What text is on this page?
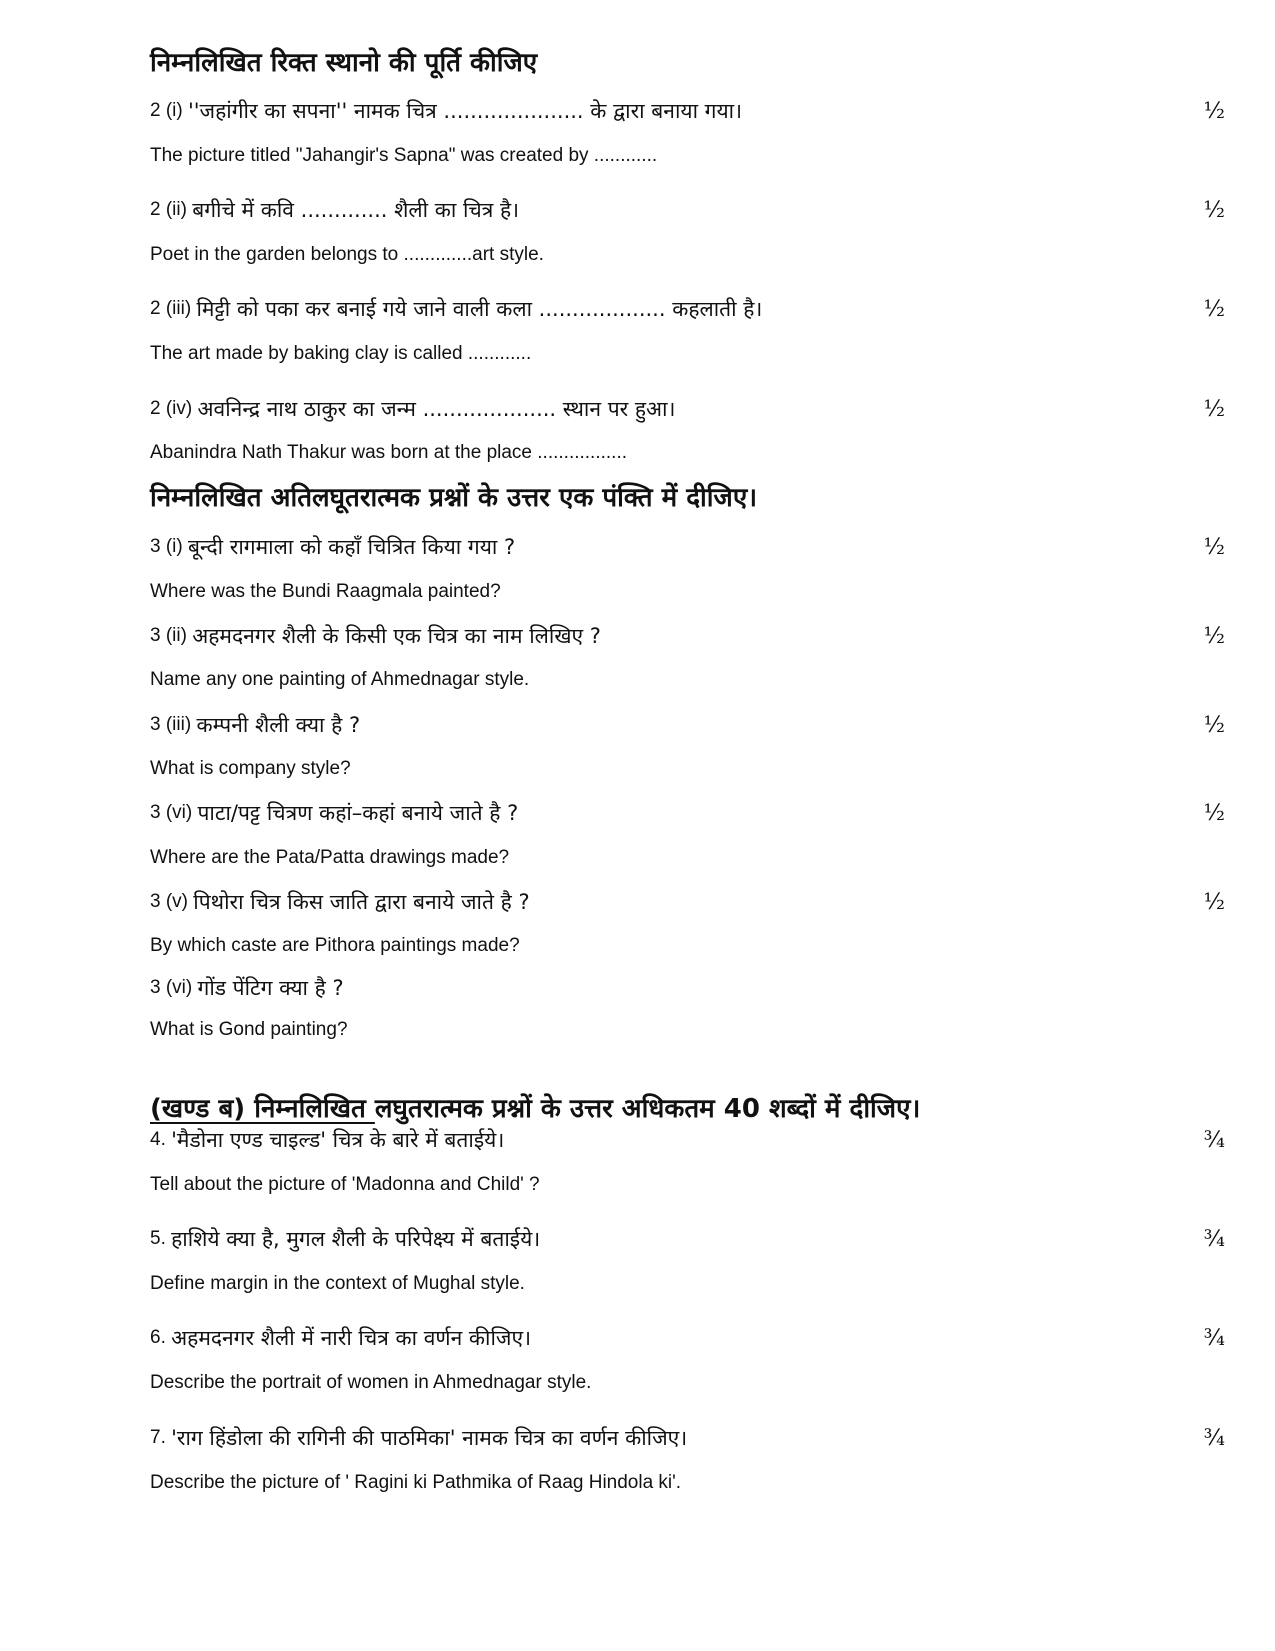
निम्नलिखित रिक्त स्थानो की पूर्ति कीजिए
2 (i) ''जहांगीर का सपना'' नामक चित्र ..................... के द्वारा बनाया गया।	½

The picture titled "Jahangir's Sapna" was created by ............

2 (ii) बगीचे में कवि ............. शैली का चित्र है।	½

Poet in the garden belongs to .............art style.

2 (iii) मिट्टी को पका कर बनाई गये जाने वाली कला ................... कहलाती है।	½

The art made by baking clay is called ............

2 (iv) अवनिन्द्र नाथ ठाकुर का जन्म .................... स्थान पर हुआ।	½

Abanindra Nath Thakur was born at the place .................

निम्नलिखित अतिलघूतरात्मक प्रश्नों के उत्तर एक पंक्ति में दीजिए।
3 (i) बून्दी रागमाला को कहाँ चित्रित किया गया ?	½

Where was the Bundi Raagmala painted?

3 (ii) अहमदनगर शैली के किसी एक चित्र का नाम लिखिए ?	½

Name any one painting of Ahmednagar style.

3 (iii) कम्पनी शैली क्या है ?	½

What is company style?

3 (vi) पाटा/पट्ट चित्रण कहां–कहां बनाये जाते है ?	½

Where are the Pata/Patta drawings made?

3 (v) पिथोरा चित्र किस जाति द्वारा बनाये जाते है ?	½

By which caste are Pithora paintings made?

3 (vi) गोंड पेंटिग क्या है ?

What is Gond painting?

(खण्ड ब) निम्नलिखित लघुतरात्मक प्रश्नों के उत्तर अधिकतम 40 शब्दों में दीजिए।
4. 'मैडोना एण्ड चाइल्ड' चित्र के बारे में बताईये।	¾

Tell about the picture of 'Madonna and Child' ?

5. हाशिये क्या है, मुगल शैली के परिपेक्ष्य में बताईये।	¾

Define margin in the context of Mughal style.

6. अहमदनगर शैली में नारी चित्र का वर्णन कीजिए।	¾

Describe the portrait of women in Ahmednagar style.

7. 'राग हिंडोला की रागिनी की पाठमिका' नामक चित्र का वर्णन कीजिए।	¾

Describe the picture of ' Ragini ki Pathmika of Raag Hindola ki'.
